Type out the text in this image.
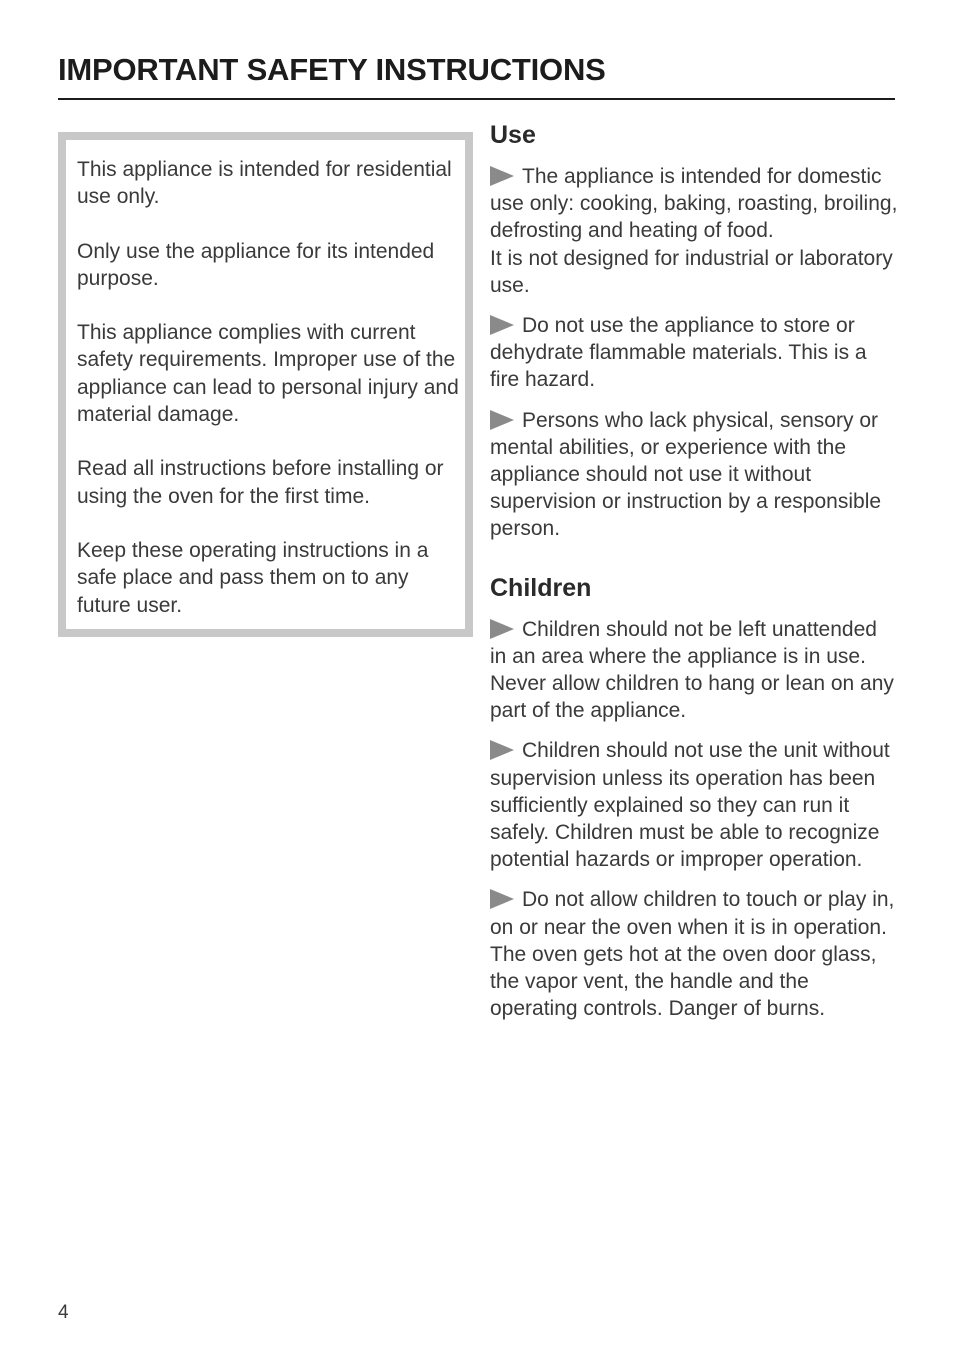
IMPORTANT SAFETY INSTRUCTIONS

This appliance is intended for residential use only.

Only use the appliance for its intended purpose.

This appliance complies with current safety requirements. Improper use of the appliance can lead to personal injury and material damage.

Read all instructions before installing or using the oven for the first time.

Keep these operating instructions in a safe place and pass them on to any future user.

Use
The appliance is intended for domestic use only: cooking, baking, roasting, broiling, defrosting and heating of food.
It is not designed for industrial or laboratory use.
Do not use the appliance to store or dehydrate flammable materials. This is a fire hazard.
Persons who lack physical, sensory or mental abilities, or experience with the appliance should not use it without supervision or instruction by a responsible person.
Children
Children should not be left unattended in an area where the appliance is in use. Never allow children to hang or lean on any part of the appliance.
Children should not use the unit without supervision unless its operation has been sufficiently explained so they can run it safely. Children must be able to recognize potential hazards or improper operation.
Do not allow children to touch or play in, on or near the oven when it is in operation. The oven gets hot at the oven door glass, the vapor vent, the handle and the operating controls. Danger of burns.
4
